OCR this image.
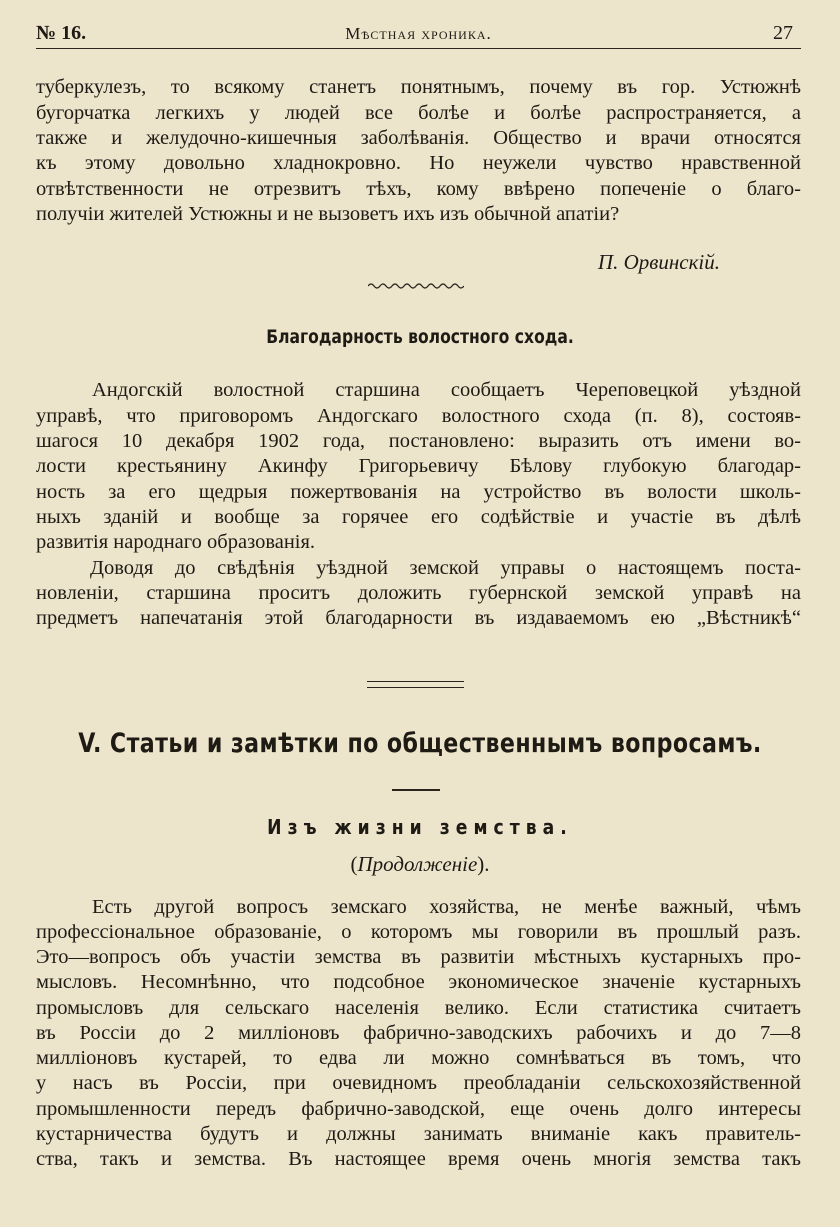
№ 16.	Мѣстная хроника.	27
туберкулезъ, то всякому станетъ понятнымъ, почему въ гор. Устюжнѣ
бугорчатка легкихъ у людей все болѣе и болѣе распространяется, а
также и желудочно-кишечныя заболѣванія. Общество и врачи относятся
къ этому довольно хладнокровно. Но неужели чувство нравственной
отвѣтственности не отрезвитъ тѣхъ, кому ввѣрено попеченіе о благо-
получіи жителей Устюжны и не вызоветъ ихъ изъ обычной апатіи?
П. Орвинскій.
Благодарность волостного схода.
Андогскій волостной старшина сообщаетъ Череповецкой уѣздной
управѣ, что приговоромъ Андогскаго волостного схода (п. 8), состояв-
шагося 10 декабря 1902 года, постановлено: выразить отъ имени во-
лости крестьянину Акинфу Григорьевичу Бѣлову глубокую благодар-
ность за его щедрыя пожертвованія на устройство въ волости школь-
ныхъ зданій и вообще за горячее его содѣйствіе и участіе въ дѣлѣ
развитія народнаго образованія.
Доводя до свѣдѣнія уѣздной земской управы о настоящемъ поста-
новленіи, старшина проситъ доложить губернской земской управѣ на
предметъ напечатанія этой благодарности въ издаваемомъ ею „Вѣстникѣ“
V. Статьи и замѣтки по общественнымъ вопросамъ.
Изъ жизни земства.
(Продолженіе).
Есть другой вопросъ земскаго хозяйства, не менѣе важный, чѣмъ
профессіональное образованіе, о которомъ мы говорили въ прошлый разъ.
Это—вопросъ объ участіи земства въ развитіи мѣстныхъ кустарныхъ про-
мысловъ. Несомнѣнно, что подсобное экономическое значеніе кустарныхъ
промысловъ для сельскаго населенія велико. Если статистика считаетъ
въ Россіи до 2 милліоновъ фабрично-заводскихъ рабочихъ и до 7—8
милліоновъ кустарей, то едва ли можно сомнѣваться въ томъ, что
у насъ въ Россіи, при очевидномъ преобладаніи сельскохозяйственной
промышленности передъ фабрично-заводской, еще очень долго интересы
кустарничества будутъ и должны занимать вниманіе какъ правитель-
ства, такъ и земства. Въ настоящее время очень многія земства такъ
